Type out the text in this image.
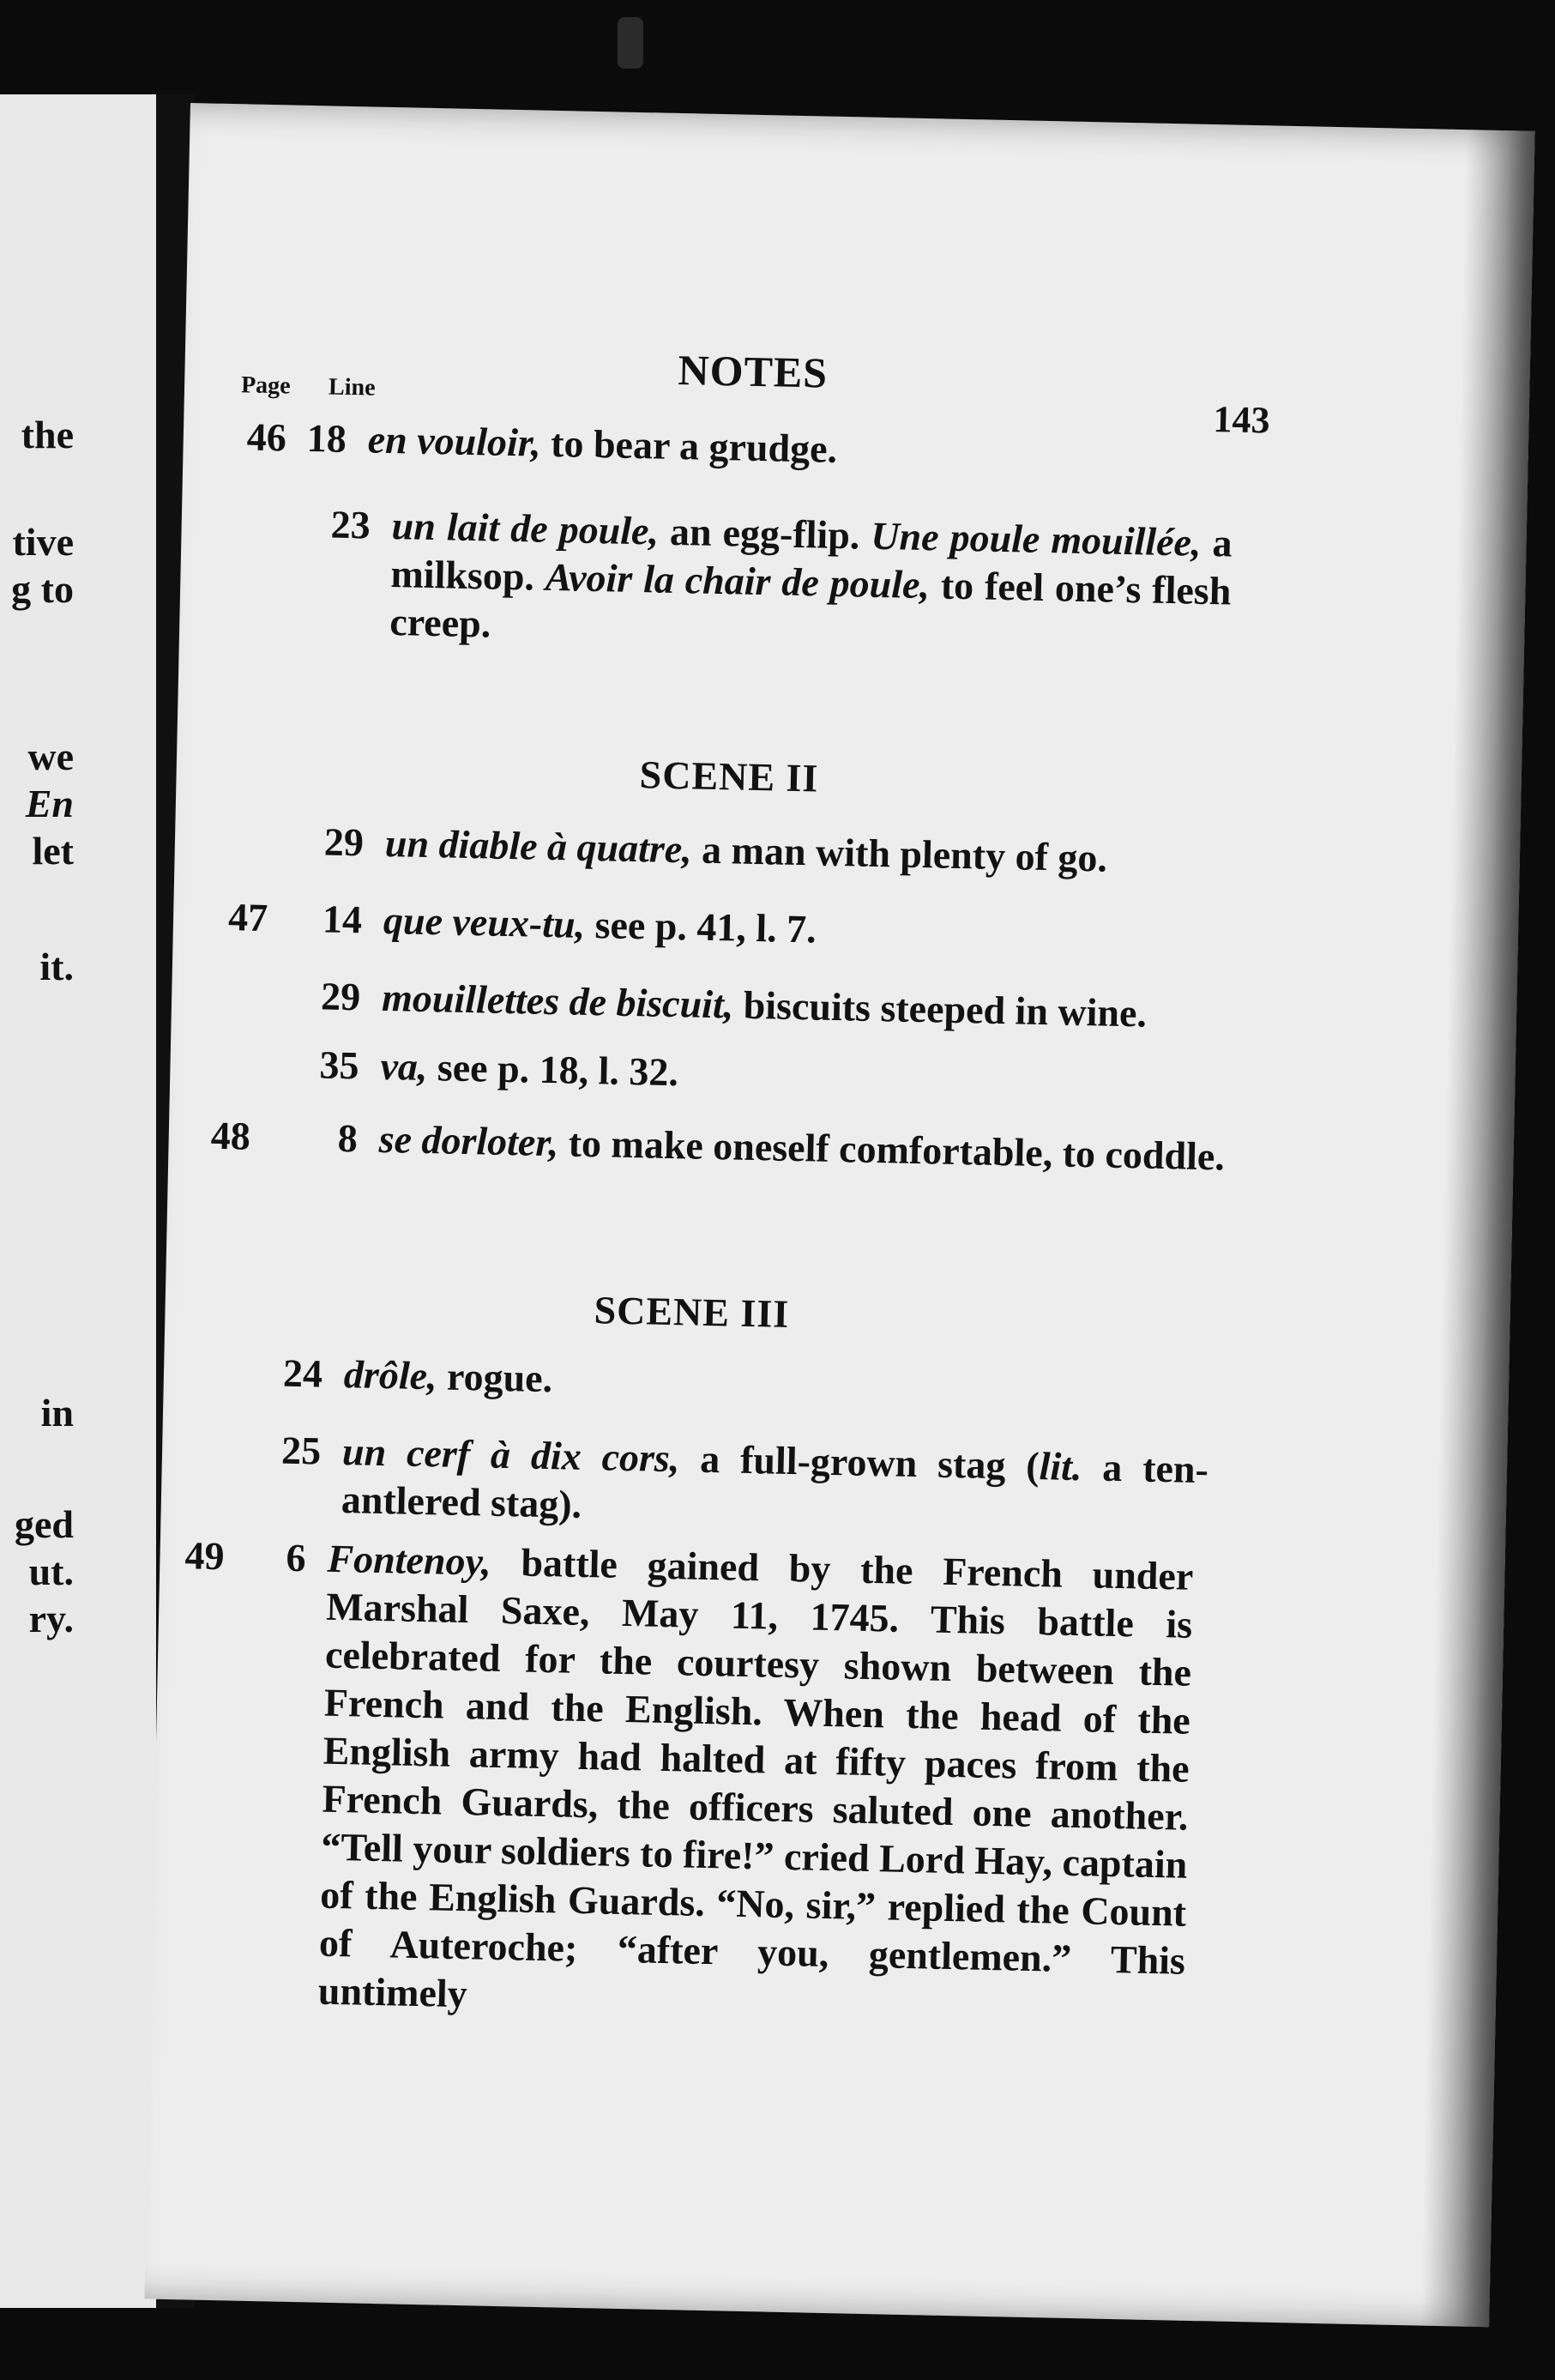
the
tive
g to
we
En
let
it.
in
ged
ut.
ry.
NOTES
143
Page Line
46 18 en vouloir, to bear a grudge.
23 un lait de poule, an egg-flip. Une poule mouillée, a milksop. Avoir la chair de poule, to feel one’s flesh creep.
SCENE II
29 un diable à quatre, a man with plenty of go.
47	14 que veux-tu, see p. 41, l. 7.
29 mouillettes de biscuit, biscuits steeped in wine.
35 va, see p. 18, l. 32.
48	8 se dorloter, to make oneself comfortable, to coddle.
SCENE III
24 drôle, rogue.
25 un cerf à dix cors, a full-grown stag (lit. a ten-antlered stag).
49	6 Fontenoy, battle gained by the French under Marshal Saxe, May 11, 1745. This battle is celebrated for the courtesy shown between the French and the English. When the head of the English army had halted at fifty paces from the French Guards, the officers saluted one another. “Tell your soldiers to fire!” cried Lord Hay, captain of the English Guards. “No, sir,” replied the Count of Auteroche; “after you, gentlemen.” This untimely
